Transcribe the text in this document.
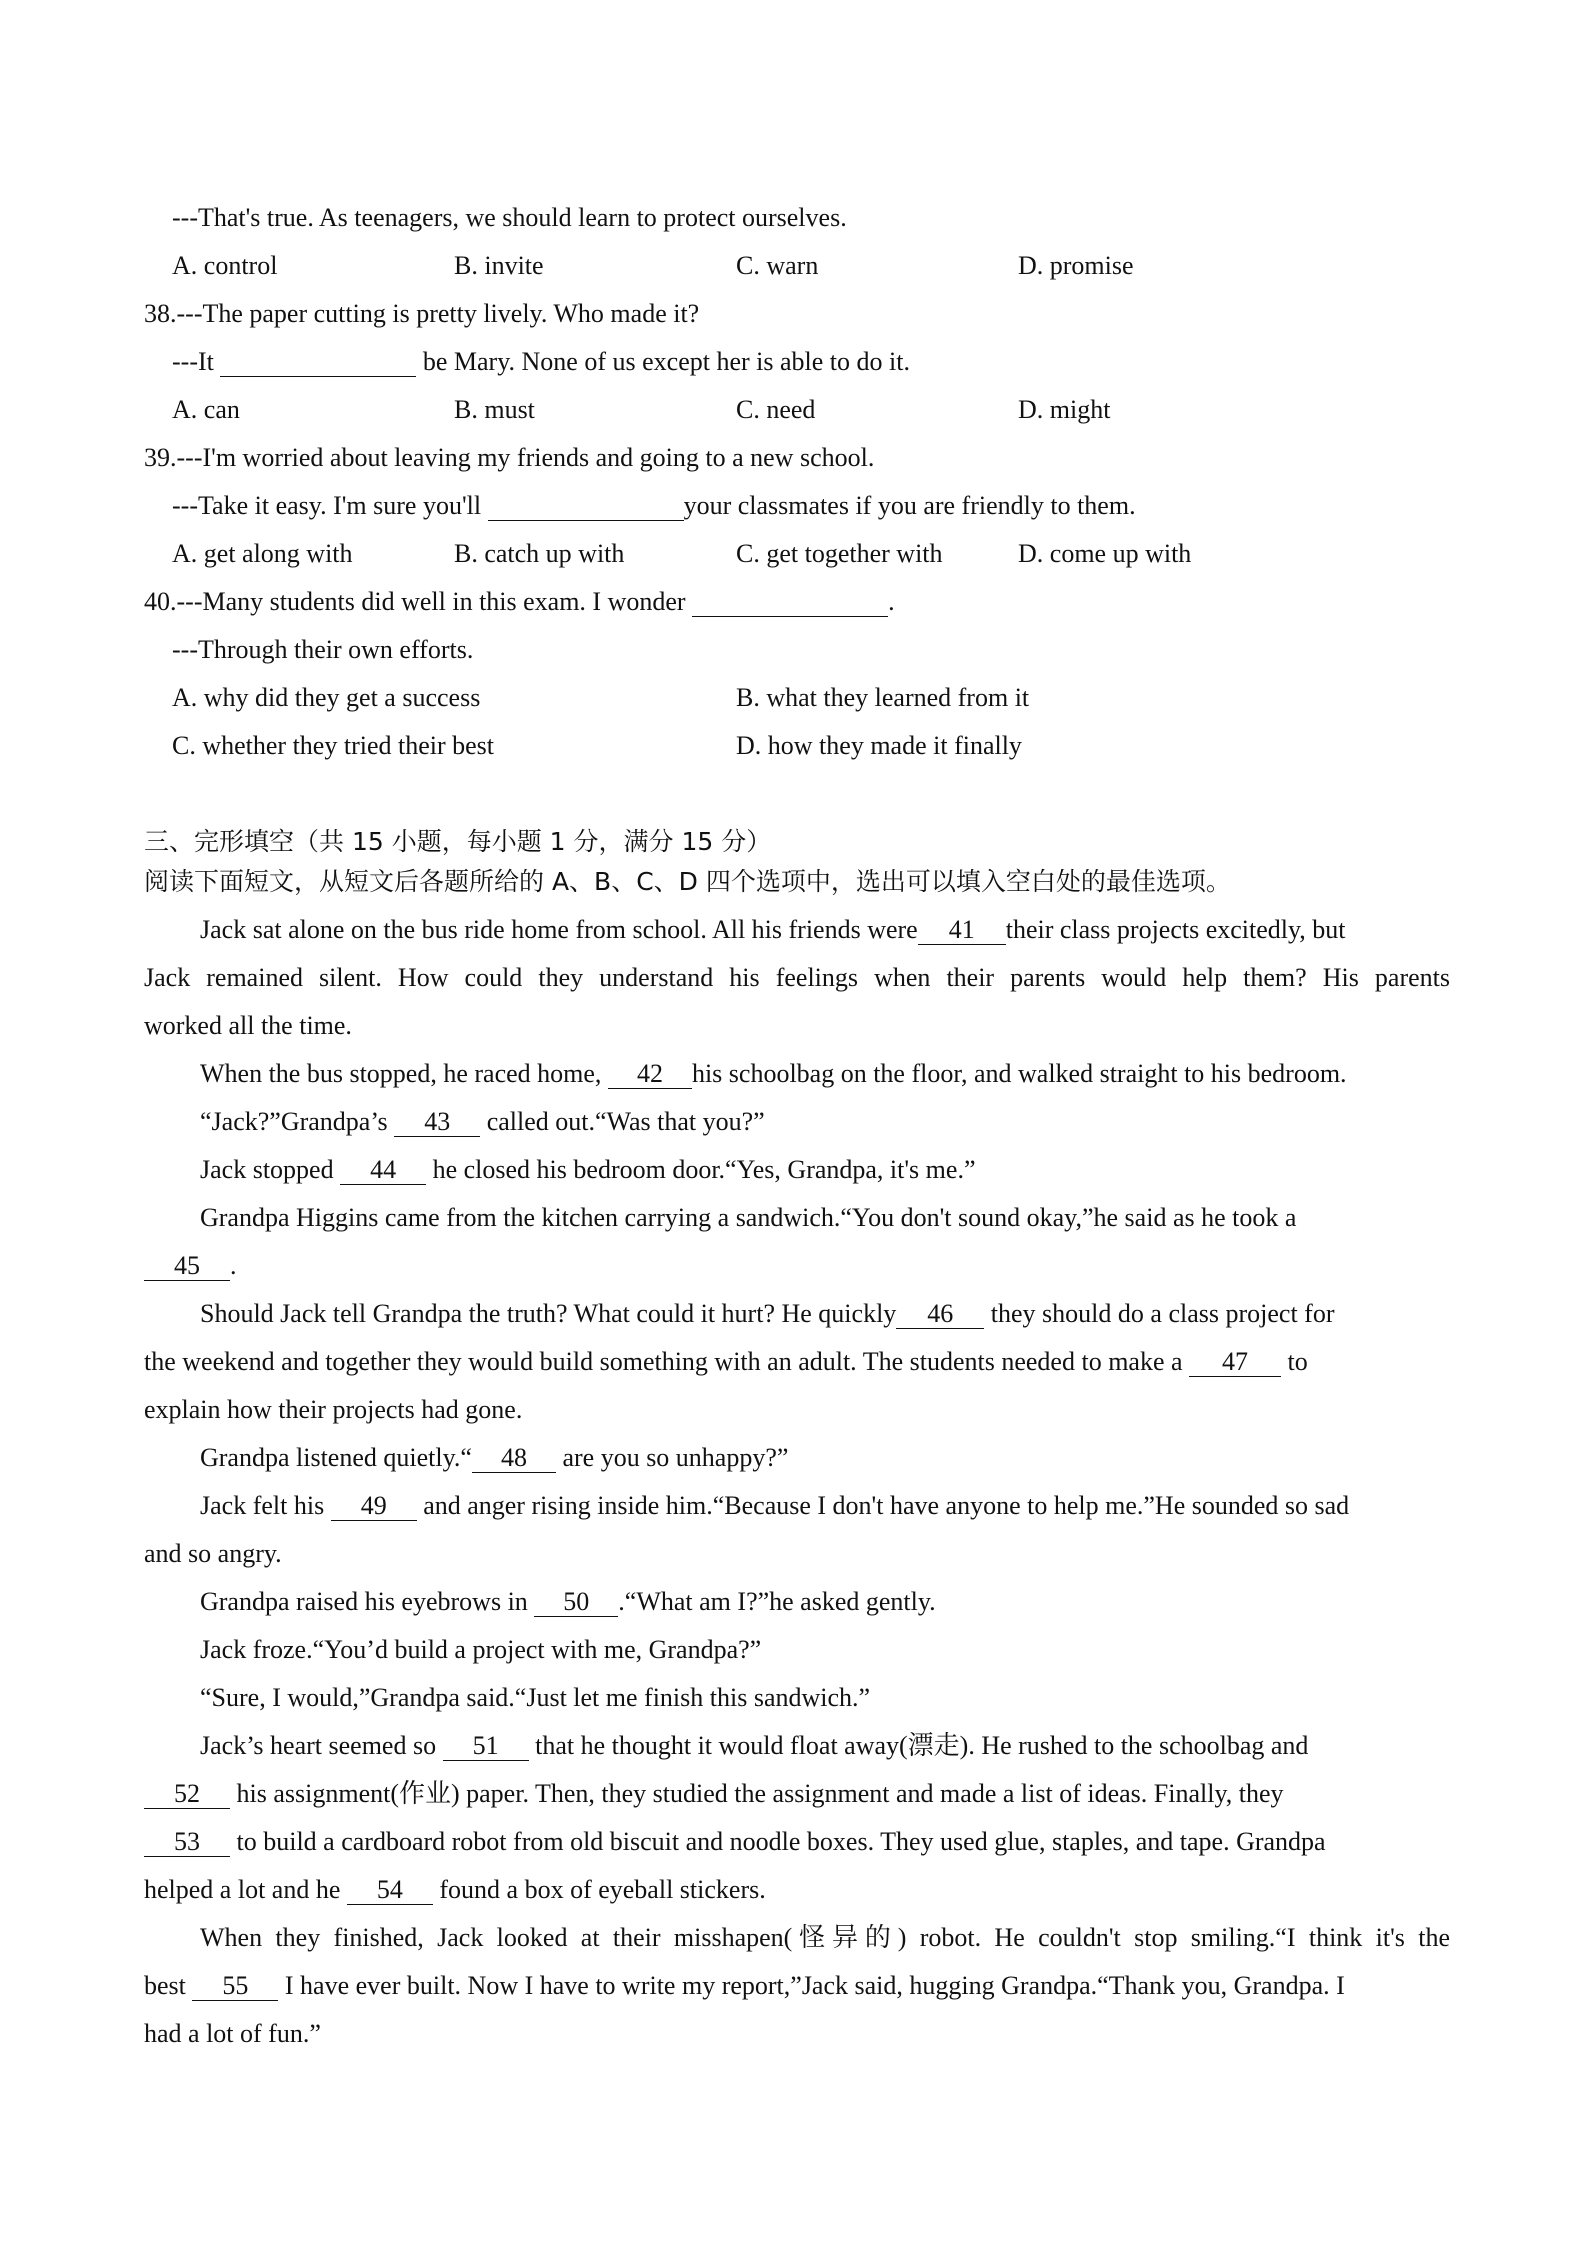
---That's true. As teenagers, we should learn to protect ourselves.
A. control	B. invite	C. warn	D. promise
38.---The paper cutting is pretty lively. Who made it?
---It	be Mary. None of us except her is able to do it.
A. can	B. must	C. need	D. might
39.---I'm worried about leaving my friends and going to a new school.
---Take it easy. I'm sure you'll	your classmates if you are friendly to them.
A. get along with	B. catch up with	C. get together with	D. come up with
40.---Many students did well in this exam. I wonder	.
---Through their own efforts.
A. why did they get a success	B. what they learned from it
C. whether they tried their best	D. how they made it finally
三、完形填空（共 15 小题，每小题 1 分，满分 15 分）
阅读下面短文，从短文后各题所给的 A、B、C、D 四个选项中，选出可以填入空白处的最佳选项。
Jack sat alone on the bus ride home from school. All his friends were 41 their class projects excitedly, but
Jack remained silent. How could they understand his feelings when their parents would help them? His parents
worked all the time.
When the bus stopped, he raced home, 42 his schoolbag on the floor, and walked straight to his bedroom.
“Jack?”Grandpa’s 43 called out.“Was that you?”
Jack stopped 44 he closed his bedroom door.“Yes, Grandpa, it's me.”
Grandpa Higgins came from the kitchen carrying a sandwich.“You don't sound okay,”he said as he took a
45 .
Should Jack tell Grandpa the truth? What could it hurt? He quickly 46 they should do a class project for
the weekend and together they would build something with an adult. The students needed to make a 47 to
explain how their projects had gone.
Grandpa listened quietly.“ 48 are you so unhappy?”
Jack felt his 49 and anger rising inside him.“Because I don't have anyone to help me.”He sounded so sad
and so angry.
Grandpa raised his eyebrows in 50 .“What am I?”he asked gently.
Jack froze.“You’d build a project with me, Grandpa?”
“Sure, I would,”Grandpa said.“Just let me finish this sandwich.”
Jack’s heart seemed so 51 that he thought it would float away(漂走). He rushed to the schoolbag and
52 his assignment(作业) paper. Then, they studied the assignment and made a list of ideas. Finally, they
53 to build a cardboard robot from old biscuit and noodle boxes. They used glue, staples, and tape. Grandpa
helped a lot and he 54 found a box of eyeball stickers.
When they finished, Jack looked at their misshapen(怪异的) robot. He couldn't stop smiling.“I think it's the
best 55 I have ever built. Now I have to write my report,”Jack said, hugging Grandpa.“Thank you, Grandpa. I
had a lot of fun.”
